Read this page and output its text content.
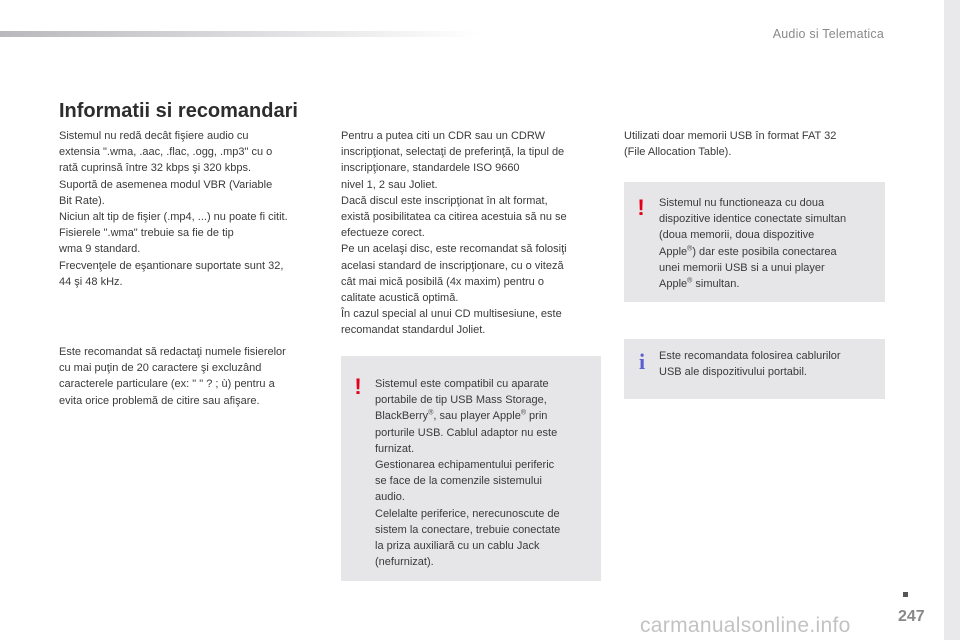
Audio si Telematica
Informatii si recomandari

Sistemul nu redă decât fişiere audio cu

extensia ".wma, .aac, .flac, .ogg, .mp3" cu o

rată cuprinsă între 32 kbps şi 320 kbps.

Suportă de asemenea modul VBR (Variable

Bit Rate).

Niciun alt tip de fişier (.mp4, ...) nu poate fi citit.

Fisierele ".wma" trebuie sa fie de tip

wma 9 standard.

Frecvenţele de eşantionare suportate sunt 32,

44 şi 48 kHz.

Este recomandat să redactaţi numele fisierelor

cu mai puţin de 20 caractere şi excluzând

caracterele particulare (ex: " " ? ; ù) pentru a

evita orice problemă de citire sau afişare.

Pentru a putea citi un CDR sau un CDRW

inscripţionat, selectaţi de preferinţă, la tipul de

inscripţionare, standardele ISO 9660

nivel 1, 2 sau Joliet.

Dacă discul este inscripţionat în alt format,

există posibilitatea ca citirea acestuia să nu se

efectueze corect.

Pe un acelaşi disc, este recomandat să folosiţi

acelasi standard de inscripţionare, cu o viteză

cât mai mică posibilă (4x maxim) pentru o

calitate acustică optimă.

În cazul special al unui CD multisesiune, este

recomandat standardul Joliet.

!	Sistemul este compatibil cu aparate

portabile de tip USB Mass Storage,

BlackBerry®, sau player Apple® prin

porturile USB. Cablul adaptor nu este

furnizat.

Gestionarea echipamentului periferic

se face de la comenzile sistemului

audio.

Celelalte periferice, nerecunoscute de

sistem la conectare, trebuie conectate

la priza auxiliară cu un cablu Jack

(nefurnizat).

Utilizati doar memorii USB în format FAT 32

(File Allocation Table).

!	Sistemul nu functioneaza cu doua

dispozitive identice conectate simultan

(doua memorii, doua dispozitive

Apple®) dar este posibila conectarea

unei memorii USB si a unui player

Apple® simultan.

i	Este recomandata folosirea cablurilor

USB ale dispozitivului portabil.

247
carmanualsonline.info
